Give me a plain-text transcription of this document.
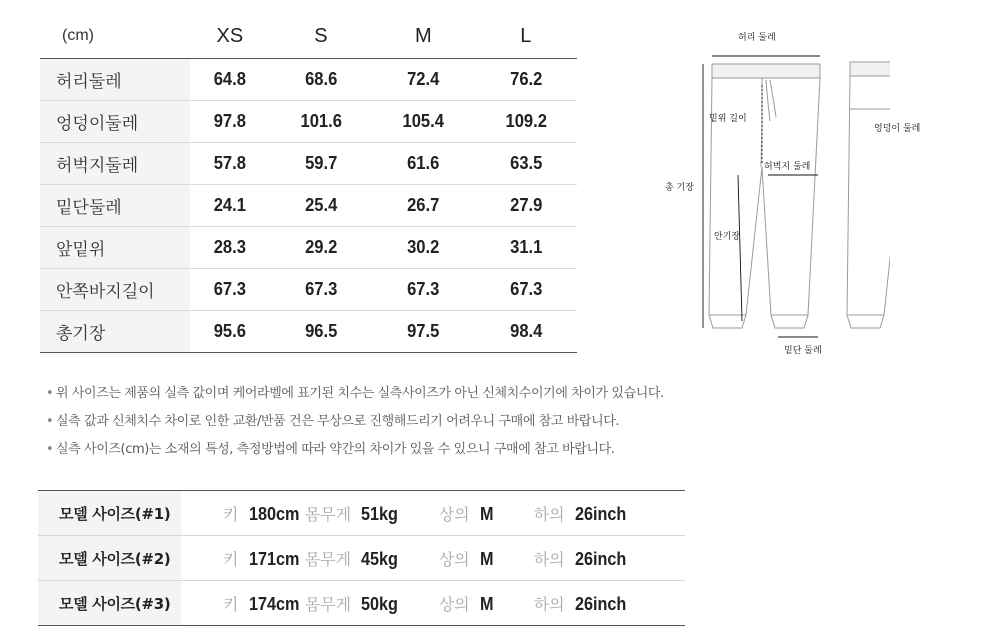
(cm)	XS	S	M	L
허리둘레	64.8	68.6	72.4	76.2
엉덩이둘레	97.8	101.6	105.4	109.2
허벅지둘레	57.8	59.7	61.6	63.5
밑단둘레	24.1	25.4	26.7	27.9
앞밑위	28.3	29.2	30.2	31.1
안쪽바지길이	67.3	67.3	67.3	67.3
총기장	95.6	96.5	97.5	98.4
허리 둘레
밑위 길이
엉덩이 둘레
허벅지 둘레
총 기장
안기장
밑단 둘레

• 위 사이즈는 제품의 실측 값이며 케어라벨에 표기된 치수는 실측사이즈가 아닌 신체치수이기에 차이가 있습니다.

• 실측 값과 신체치수 차이로 인한 교환/반품 건은 무상으로 진행해드리기 어려우니 구매에 참고 바랍니다.

• 실측 사이즈(cm)는 소재의 특성, 측정방법에 따라 약간의 차이가 있을 수 있으니 구매에 참고 바랍니다.

모델 사이즈(#1)	키 180cm	몸무게 51kg	상의 M	하의 26inch
모델 사이즈(#2)	키 171cm	몸무게 45kg	상의 M	하의 26inch
모델 사이즈(#3)	키 174cm	몸무게 50kg	상의 M	하의 26inch
